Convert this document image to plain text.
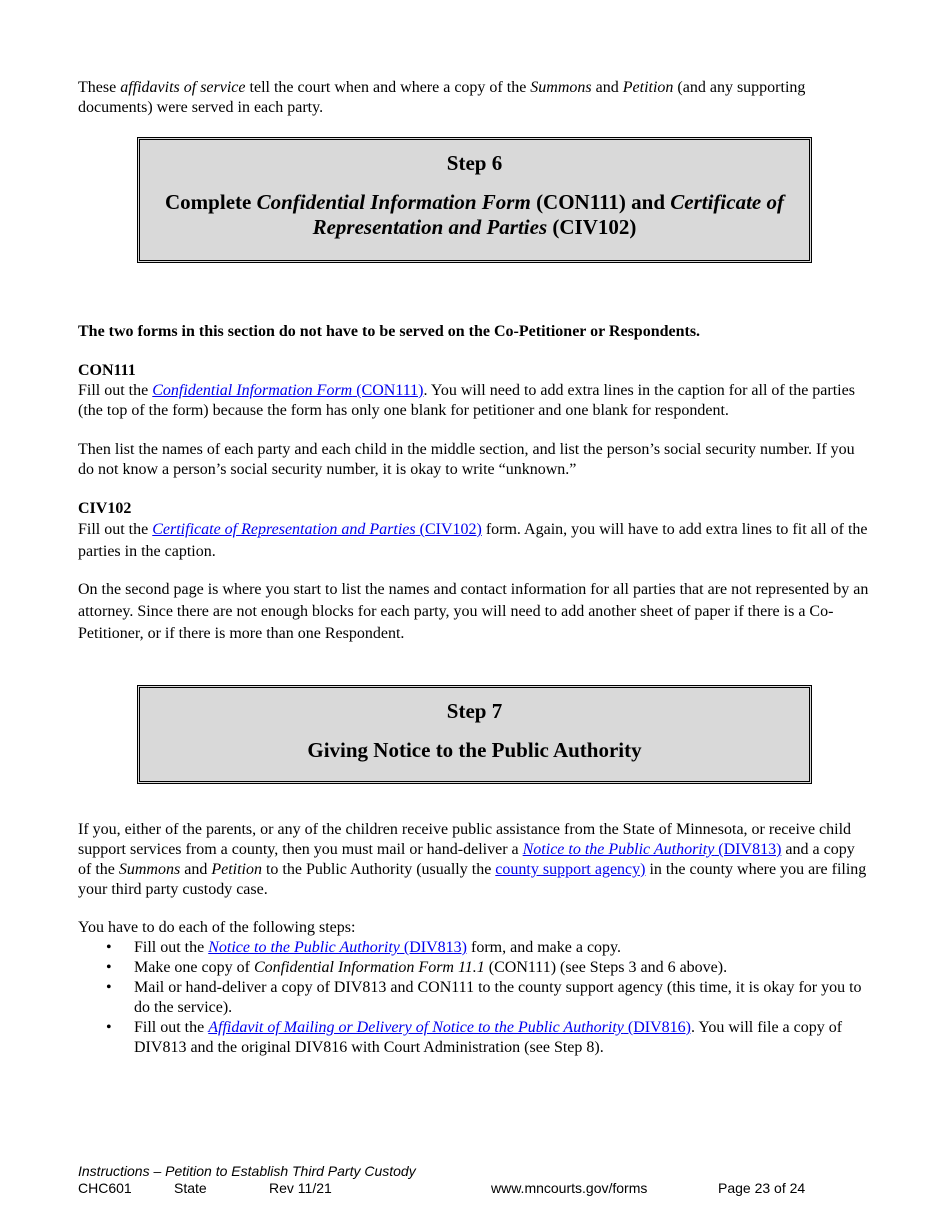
These affidavits of service tell the court when and where a copy of the Summons and Petition (and any supporting documents) were served in each party.

Step 6
Complete Confidential Information Form (CON111) and Certificate of Representation and Parties (CIV102)

The two forms in this section do not have to be served on the Co-Petitioner or Respondents.

CON111

Fill out the Confidential Information Form (CON111). You will need to add extra lines in the caption for all of the parties (the top of the form) because the form has only one blank for petitioner and one blank for respondent.

Then list the names of each party and each child in the middle section, and list the person’s social security number. If you do not know a person’s social security number, it is okay to write “unknown.”

CIV102

Fill out the Certificate of Representation and Parties (CIV102) form. Again, you will have to add extra lines to fit all of the parties in the caption.

On the second page is where you start to list the names and contact information for all parties that are not represented by an attorney. Since there are not enough blocks for each party, you will need to add another sheet of paper if there is a Co-Petitioner, or if there is more than one Respondent.

Step 7
Giving Notice to the Public Authority

If you, either of the parents, or any of the children receive public assistance from the State of Minnesota, or receive child support services from a county, then you must mail or hand-deliver a Notice to the Public Authority (DIV813) and a copy of the Summons and Petition to the Public Authority (usually the county support agency) in the county where you are filing your third party custody case.

You have to do each of the following steps:

• Fill out the Notice to the Public Authority (DIV813) form, and make a copy.
• Make one copy of Confidential Information Form 11.1 (CON111) (see Steps 3 and 6 above).
• Mail or hand-deliver a copy of DIV813 and CON111 to the county support agency (this time, it is okay for you to do the service).
• Fill out the Affidavit of Mailing or Delivery of Notice to the Public Authority (DIV816). You will file a copy of DIV813 and the original DIV816 with Court Administration (see Step 8).
Instructions – Petition to Establish Third Party Custody
CHC601	State	Rev 11/21	www.mncourts.gov/forms	Page 23 of 24
